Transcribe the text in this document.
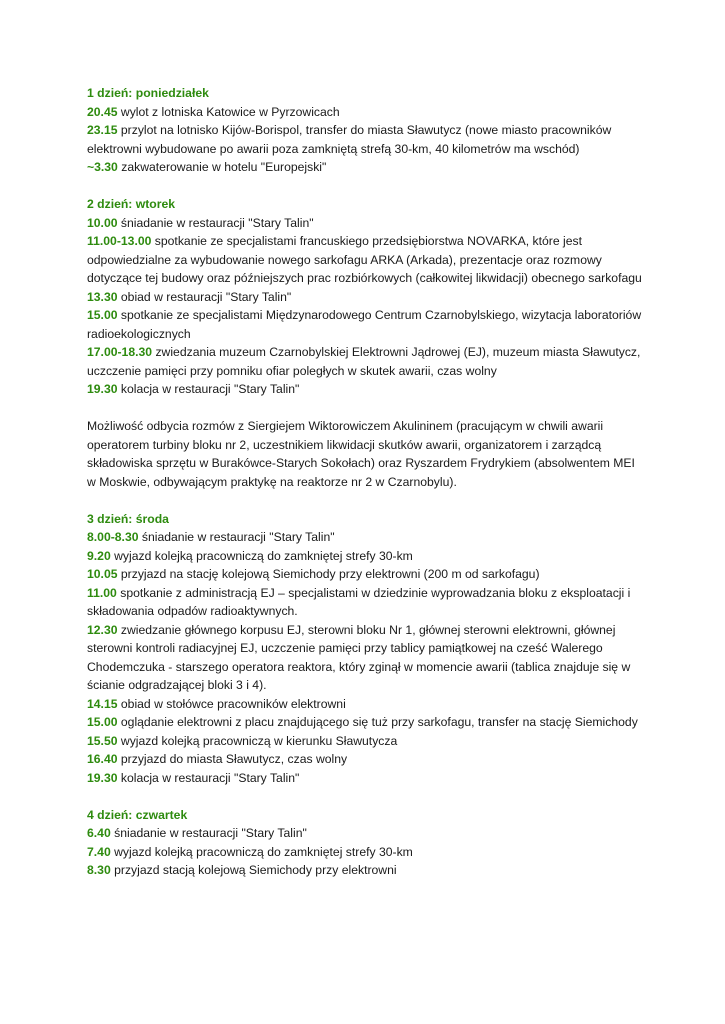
1 dzień: poniedziałek

20.45 wylot z lotniska Katowice w Pyrzowicach

23.15 przylot na lotnisko Kijów-Borispol, transfer do miasta Sławutycz (nowe miasto pracowników elektrowni wybudowane po awarii poza zamkniętą strefą 30-km, 40 kilometrów ma wschód)

~3.30 zakwaterowanie w hotelu "Europejski"

2 dzień: wtorek

10.00 śniadanie w restauracji "Stary Talin"

11.00-13.00 spotkanie ze specjalistami francuskiego przedsiębiorstwa NOVARKA, które jest odpowiedzialne za wybudowanie nowego sarkofagu ARKA (Arkada), prezentacje oraz rozmowy dotyczące tej budowy oraz późniejszych prac rozbiórkowych (całkowitej likwidacji) obecnego sarkofagu

13.30 obiad w restauracji "Stary Talin"

15.00 spotkanie ze specjalistami Międzynarodowego Centrum Czarnobylskiego, wizytacja laboratoriów radioekologicznych

17.00-18.30 zwiedzania muzeum Czarnobylskiej Elektrowni Jądrowej (EJ), muzeum miasta Sławutycz, uczczenie pamięci przy pomniku ofiar poległych w skutek awarii, czas wolny

19.30 kolacja w restauracji "Stary Talin"

Możliwość odbycia rozmów z Siergiejem Wiktorowiczem Akulininem (pracującym w chwili awarii operatorem turbiny bloku nr 2, uczestnikiem likwidacji skutków awarii, organizatorem i zarządcą składowiska sprzętu w Burakówce-Starych Sokołach) oraz Ryszardem Frydrykiem (absolwentem MEI w Moskwie, odbywającym praktykę na reaktorze nr 2 w Czarnobylu).

3 dzień: środa

8.00-8.30 śniadanie w restauracji "Stary Talin"

9.20 wyjazd kolejką pracowniczą do zamkniętej strefy 30-km

10.05 przyjazd na stację kolejową Siemichody przy elektrowni (200 m od sarkofagu)

11.00 spotkanie z administracją EJ – specjalistami w dziedzinie wyprowadzania bloku z eksploatacji i składowania odpadów radioaktywnych.

12.30 zwiedzanie głównego korpusu EJ, sterowni bloku Nr 1, głównej sterowni elektrowni, głównej sterowni kontroli radiacyjnej EJ, uczczenie pamięci przy tablicy pamiątkowej na cześć Walerego Chodemczuka - starszego operatora reaktora, który zginął w momencie awarii (tablica znajduje się w ścianie odgradzającej bloki 3 i 4).

14.15 obiad w stołówce pracowników elektrowni

15.00 oglądanie elektrowni z placu znajdującego się tuż przy sarkofagu, transfer na stację Siemichody

15.50 wyjazd kolejką pracowniczą w kierunku Sławutycza

16.40 przyjazd do miasta Sławutycz, czas wolny

19.30 kolacja w restauracji "Stary Talin"

4 dzień: czwartek

6.40 śniadanie w restauracji "Stary Talin"

7.40 wyjazd kolejką pracowniczą do zamkniętej strefy 30-km

8.30 przyjazd stacją kolejową Siemichody przy elektrowni
